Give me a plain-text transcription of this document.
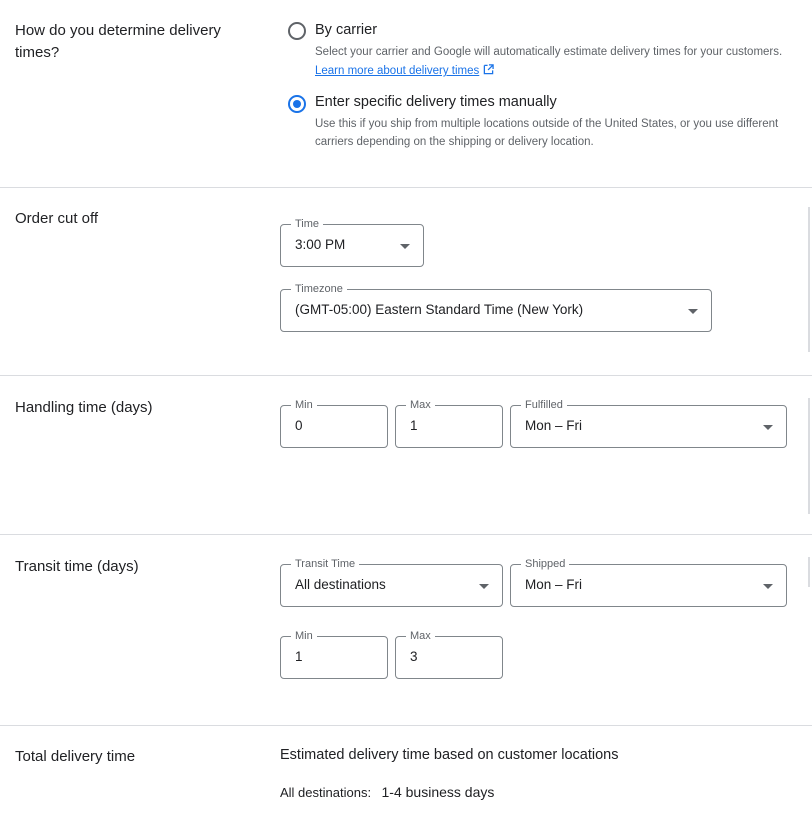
How do you determine delivery times?
By carrier
Select your carrier and Google will automatically estimate delivery times for your customers.
Learn more about delivery times
Enter specific delivery times manually
Use this if you ship from multiple locations outside of the United States, or you use different carriers depending on the shipping or delivery location.
Order cut off	Time
3:00 PM
Timezone
(GMT-05:00) Eastern Standard Time (New York)
Handling time (days)	Min
0
Max
1
Fulfilled
Mon – Fri
Transit time (days)	Transit Time
All destinations
Shipped
Mon – Fri
Min
1
Max
3
Total delivery time	Estimated delivery time based on customer locations
All destinations: 1-4 business days
